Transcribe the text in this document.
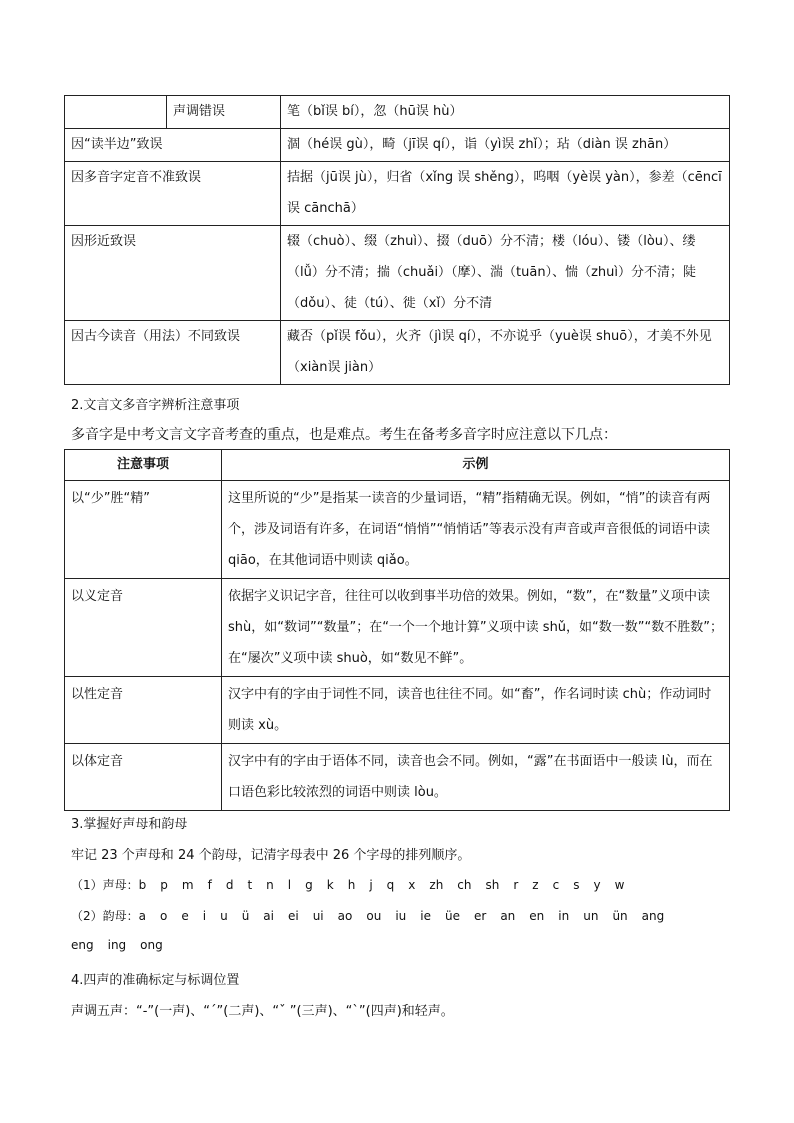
	声调错误	笔（bǐ误 bí），忽（hū误 hù）
因“读半边”致误		涸（hé误 gù），畸（jī误 qí），诣（yì误 zhǐ）；玷（diàn 误 zhān）
因多音字定音不准致误		拮据（jū误 jù），归省（xǐng 误 shěng），呜咽（yè误 yàn），参差（cēncī误 cānchā）
因形近致误		辍（chuò）、缀（zhuì）、掇（duō）分不清；楼（lóu）、镂（lòu）、缕（lǚ）分不清；揣（chuǎi）（摩）、湍（tuān）、惴（zhuì）分不清；陡（dǒu）、徒（tú）、徙（xǐ）分不清
因古今读音（用法）不同致误		藏否（pǐ误 fǒu），火齐（jì误 qí），不亦说乎（yuè误 shuō），才美不外见（xiàn误 jiàn）
2.文言文多音字辨析注意事项
多音字是中考文言文字音考查的重点，也是难点。考生在备考多音字时应注意以下几点：
注意事项	示例
以“少”胜“精”	这里所说的“少”是指某一读音的少量词语，“精”指精确无误。例如，“悄”的读音有两个，涉及词语有许多，在词语“悄悄”“悄悄话”等表示没有声音或声音很低的词语中读 qiāo，在其他词语中则读 qiǎo。
以义定音	依据字义识记字音，往往可以收到事半功倍的效果。例如，“数”，在“数量”义项中读 shù，如“数词”“数量”；在“一个一个地计算”义项中读 shǔ，如“数一数”“数不胜数”；在“屡次”义项中读 shuò，如“数见不鲜”。
以性定音	汉字中有的字由于词性不同，读音也往往不同。如“畜”，作名词时读 chù；作动词时则读 xù。
以体定音	汉字中有的字由于语体不同，读音也会不同。例如，“露”在书面语中一般读 lù，而在口语色彩比较浓烈的词语中则读 lòu。
3.掌握好声母和韵母
牢记 23 个声母和 24 个韵母，记清字母表中 26 个字母的排列顺序。
（1）声母：b p m f d t n l g k h j q x zh ch sh r z c s y w
（2）韵母：a o e i u ü ai ei ui ao ou iu ie üe er an en in un ün ang
eng ing ong
4.四声的准确标定与标调位置
声调五声：“-”(一声)、“ˊ”(二声)、“ˇ ”(三声)、“ˋ”(四声)和轻声。
